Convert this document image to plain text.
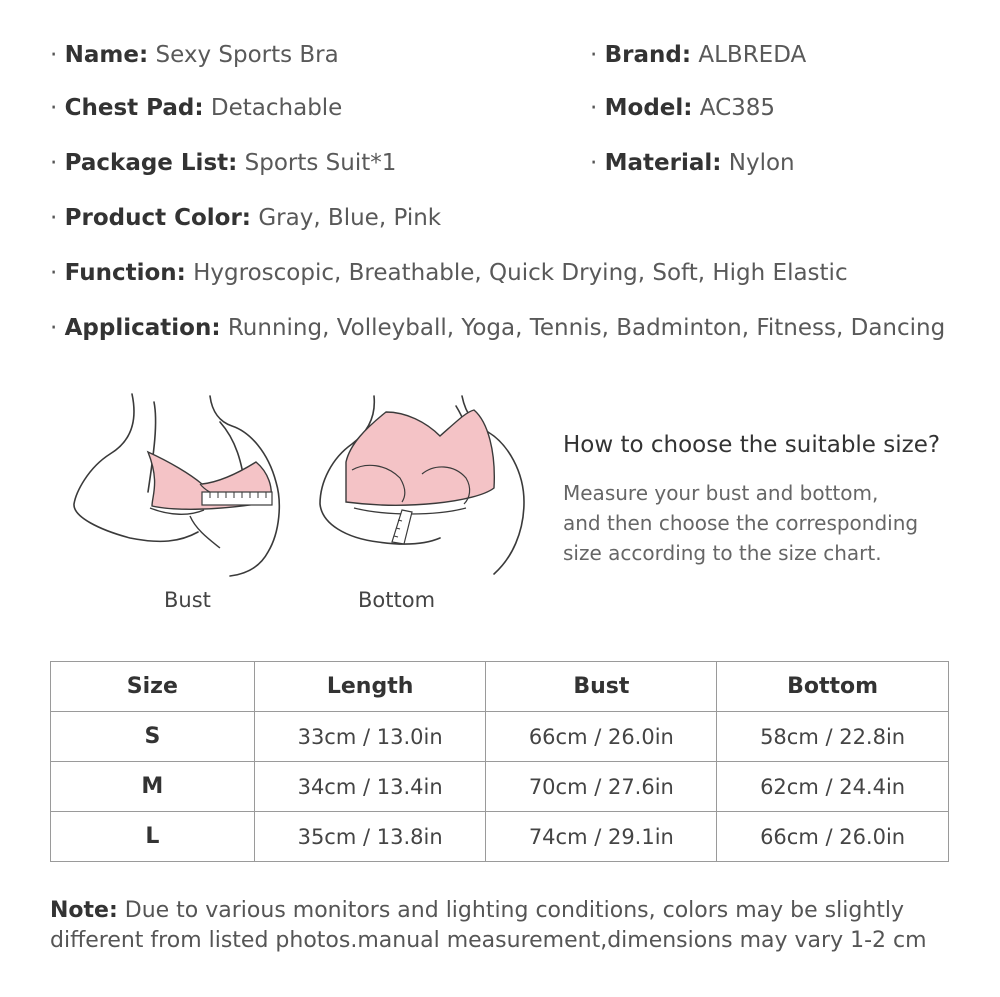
· Name: Sexy Sports Bra	· Brand: ALBREDA
· Chest Pad: Detachable	· Model: AC385
· Package List: Sports Suit*1	· Material: Nylon
· Product Color: Gray, Blue, Pink
· Function: Hygroscopic, Breathable, Quick Drying, Soft, High Elastic
· Application: Running, Volleyball, Yoga, Tennis, Badminton, Fitness, Dancing
Bust	Bottom
How to choose the suitable size?
Measure your bust and bottom,
and then choose the corresponding
size according to the size chart.
Size	Length	Bust	Bottom
S	33cm / 13.0in	66cm / 26.0in	58cm / 22.8in
M	34cm / 13.4in	70cm / 27.6in	62cm / 24.4in
L	35cm / 13.8in	74cm / 29.1in	66cm / 26.0in
Note: Due to various monitors and lighting conditions, colors may be slightly different from listed photos.manual measurement,dimensions may vary 1-2 cm
